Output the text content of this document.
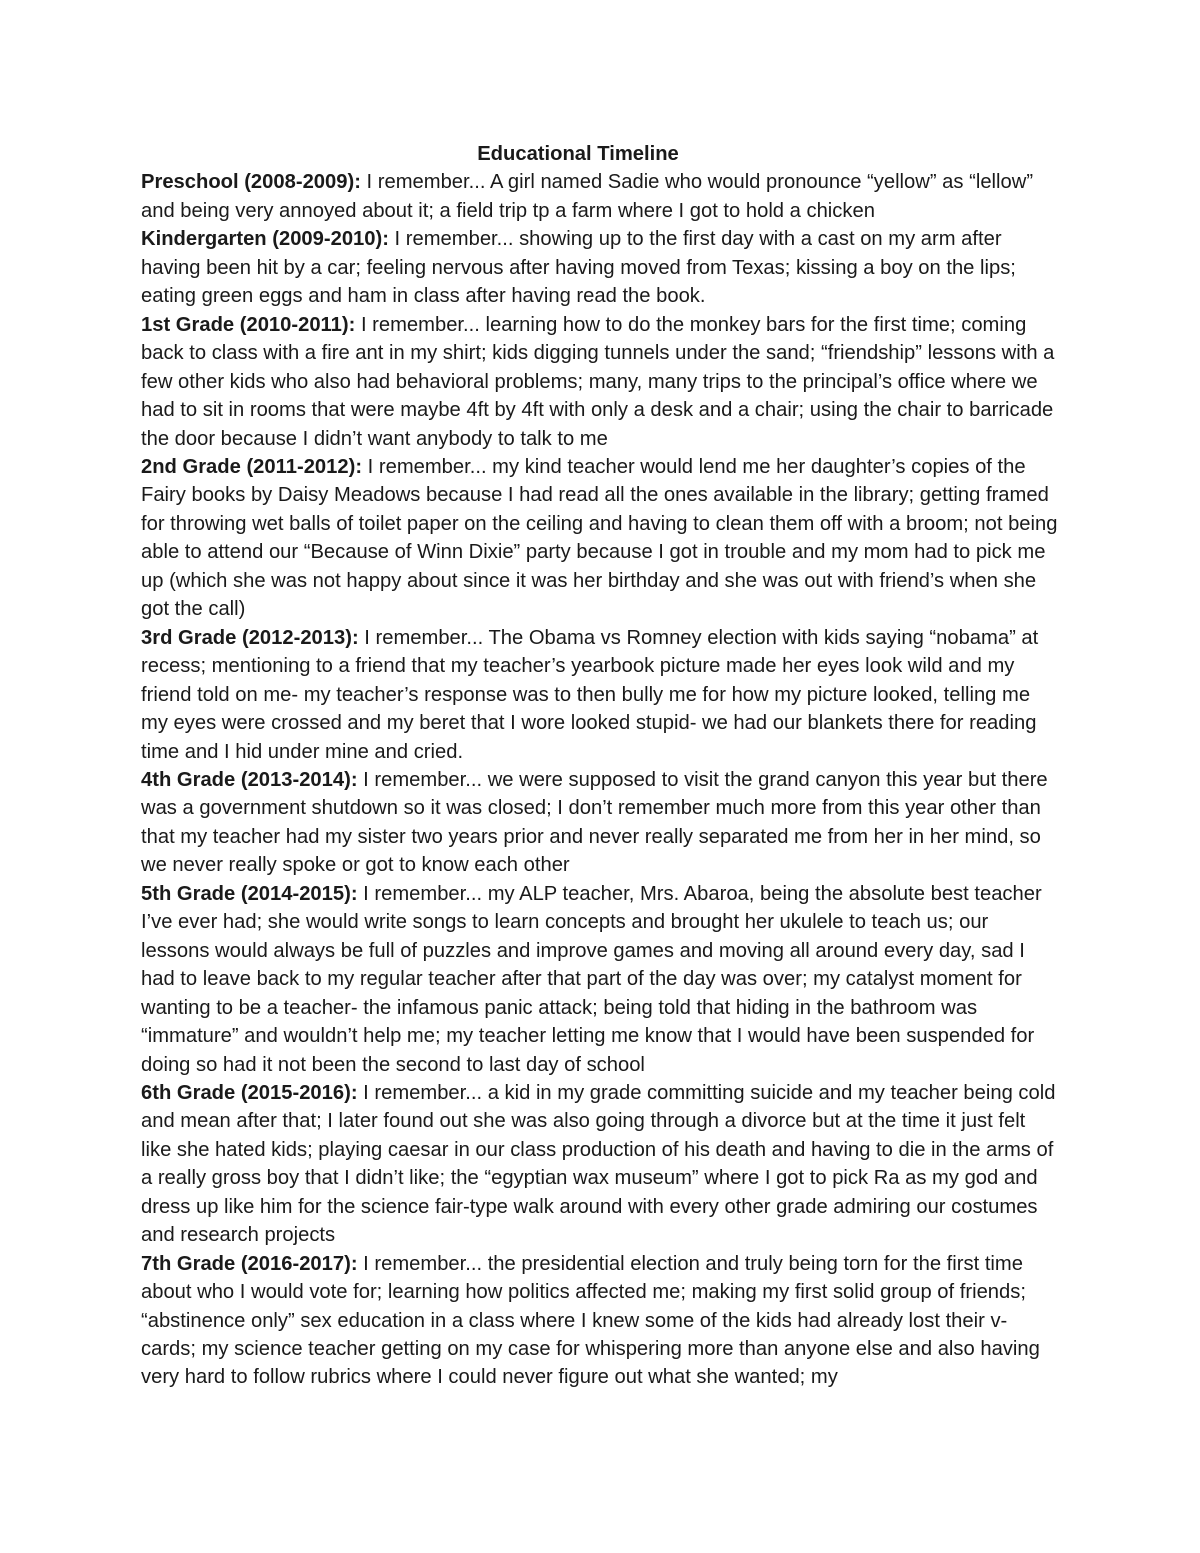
Educational Timeline

Preschool (2008-2009): I remember... A girl named Sadie who would pronounce “yellow” as “lellow” and being very annoyed about it; a field trip tp a farm where I got to hold a chicken

Kindergarten (2009-2010): I remember... showing up to the first day with a cast on my arm after having been hit by a car; feeling nervous after having moved from Texas; kissing a boy on the lips; eating green eggs and ham in class after having read the book.

1st Grade (2010-2011): I remember... learning how to do the monkey bars for the first time; coming back to class with a fire ant in my shirt; kids digging tunnels under the sand; “friendship” lessons with a few other kids who also had behavioral problems; many, many trips to the principal’s office where we had to sit in rooms that were maybe 4ft by 4ft with only a desk and a chair; using the chair to barricade the door because I didn’t want anybody to talk to me

2nd Grade (2011-2012): I remember... my kind teacher would lend me her daughter’s copies of the Fairy books by Daisy Meadows because I had read all the ones available in the library; getting framed for throwing wet balls of toilet paper on the ceiling and having to clean them off with a broom; not being able to attend our “Because of Winn Dixie” party because I got in trouble and my mom had to pick me up (which she was not happy about since it was her birthday and she was out with friend’s when she got the call)

3rd Grade (2012-2013): I remember... The Obama vs Romney election with kids saying “nobama” at recess; mentioning to a friend that my teacher’s yearbook picture made her eyes look wild and my friend told on me- my teacher’s response was to then bully me for how my picture looked, telling me my eyes were crossed and my beret that I wore looked stupid- we had our blankets there for reading time and I hid under mine and cried.

4th Grade (2013-2014): I remember... we were supposed to visit the grand canyon this year but there was a government shutdown so it was closed; I don’t remember much more from this year other than that my teacher had my sister two years prior and never really separated me from her in her mind, so we never really spoke or got to know each other

5th Grade (2014-2015): I remember... my ALP teacher, Mrs. Abaroa, being the absolute best teacher I’ve ever had; she would write songs to learn concepts and brought her ukulele to teach us; our lessons would always be full of puzzles and improve games and moving all around every day, sad I had to leave back to my regular teacher after that part of the day was over; my catalyst moment for wanting to be a teacher- the infamous panic attack; being told that hiding in the bathroom was “immature” and wouldn’t help me; my teacher letting me know that I would have been suspended for doing so had it not been the second to last day of school

6th Grade (2015-2016): I remember... a kid in my grade committing suicide and my teacher being cold and mean after that; I later found out she was also going through a divorce but at the time it just felt like she hated kids; playing caesar in our class production of his death and having to die in the arms of a really gross boy that I didn’t like; the “egyptian wax museum” where I got to pick Ra as my god and dress up like him for the science fair-type walk around with every other grade admiring our costumes and research projects

7th Grade (2016-2017): I remember... the presidential election and truly being torn for the first time about who I would vote for; learning how politics affected me; making my first solid group of friends; “abstinence only” sex education in a class where I knew some of the kids had already lost their v-cards; my science teacher getting on my case for whispering more than anyone else and also having very hard to follow rubrics where I could never figure out what she wanted; my
